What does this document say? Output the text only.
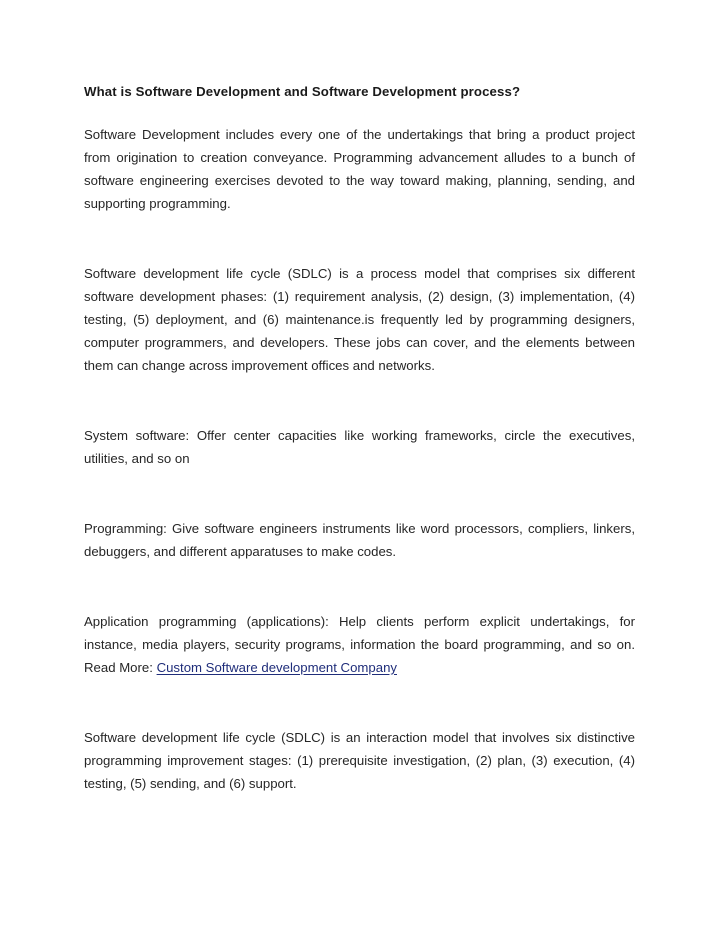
What is Software Development and Software Development process?

Software Development includes every one of the undertakings that bring a product project from origination to creation conveyance. Programming advancement alludes to a bunch of software engineering exercises devoted to the way toward making, planning, sending, and supporting programming.

Software development life cycle (SDLC) is a process model that comprises six different software development phases: (1) requirement analysis, (2) design, (3) implementation, (4) testing, (5) deployment, and (6) maintenance.is frequently led by programming designers, computer programmers, and developers. These jobs can cover, and the elements between them can change across improvement offices and networks.

System software: Offer center capacities like working frameworks, circle the executives, utilities, and so on

Programming: Give software engineers instruments like word processors, compliers, linkers, debuggers, and different apparatuses to make codes.

Application programming (applications): Help clients perform explicit undertakings, for instance, media players, security programs, information the board programming, and so on. Read More: Custom Software development Company

Software development life cycle (SDLC) is an interaction model that involves six distinctive programming improvement stages: (1) prerequisite investigation, (2) plan, (3) execution, (4) testing, (5) sending, and (6) support.
